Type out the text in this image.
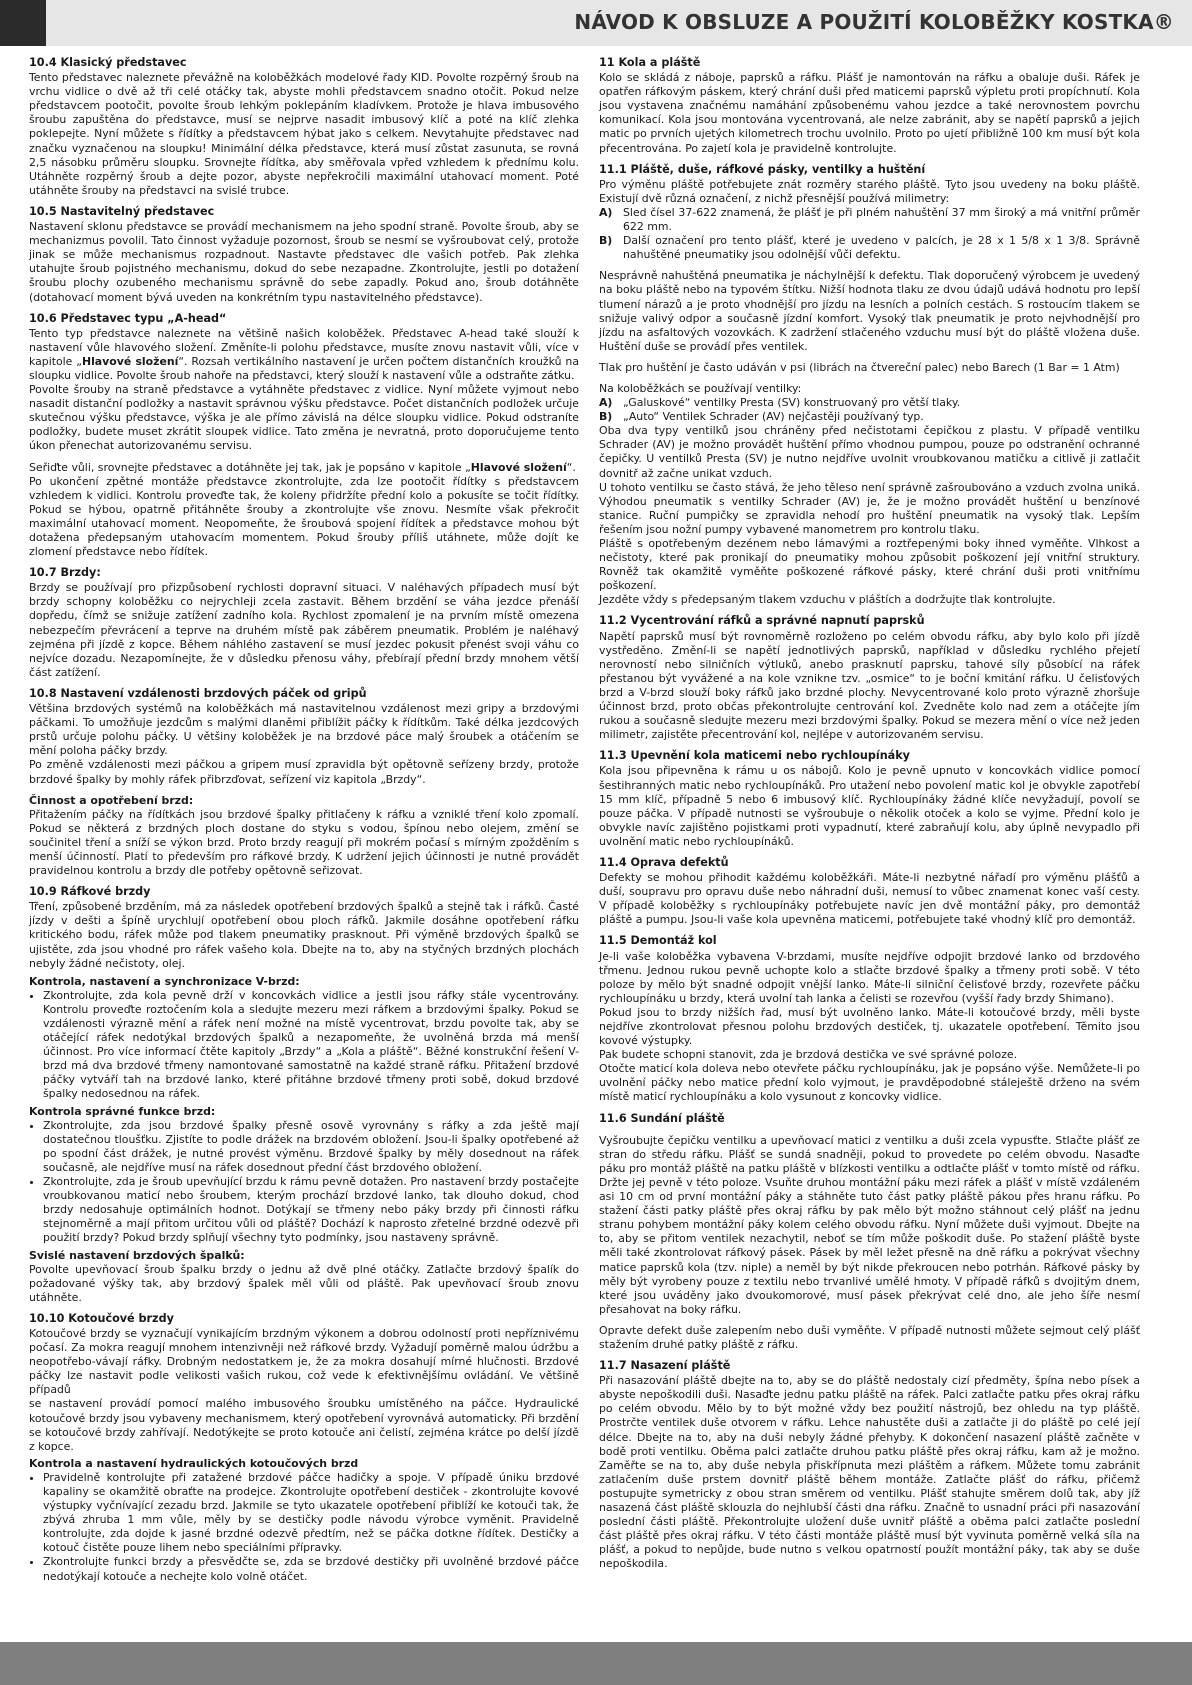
NÁVOD K OBSLUZE A POUŽITÍ KOLOBĚŽKY KOSTKA®
10.4 Klasický představec

Tento představec naleznete převážně na koloběžkách modelové řady KID. Povolte rozpěrný šroub na vrchu vidlice o dvě až tři celé otáčky tak, abyste mohli představcem snadno otočit. Pokud nelze představcem pootočit, povolte šroub lehkým poklepáním kladívkem. Protože je hlava imbusového šroubu zapuštěna do představce, musí se nejprve nasadit imbusový klíč a poté na klíč zlehka poklepejte. Nyní můžete s řídítky a představcem hýbat jako s celkem. Nevytahujte představec nad značku vyznačenou na sloupku! Minimální délka představce, která musí zůstat zasunuta, se rovná 2,5 násobku průměru sloupku. Srovnejte řídítka, aby směřovala vpřed vzhledem k přednímu kolu. Utáhněte rozpěrný šroub a dejte pozor, abyste nepřekročili maximální utahovací moment. Poté utáhněte šrouby na představci na svislé trubce.

10.5 Nastavitelný představec

Nastavení sklonu představce se provádí mechanismem na jeho spodní straně. Povolte šroub, aby se mechanizmus povolil. Tato činnost vyžaduje pozornost, šroub se nesmí se vyšroubovat celý, protože jinak se může mechanismus rozpadnout. Nastavte představec dle vašich potřeb. Pak zlehka utahujte šroub pojistného mechanismu, dokud do sebe nezapadne. Zkontrolujte, jestli po dotažení šroubu plochy ozubeného mechanismu správně do sebe zapadly. Pokud ano, šroub dotáhněte (dotahovací moment bývá uveden na konkrétním typu nastavitelného představce).

10.6 Představec typu „A-head“

Tento typ představce naleznete na většině našich koloběžek. Představec A-head také slouží k nastavení vůle hlavového složení. Změníte-li polohu představce, musíte znovu nastavit vůli, více v kapitole „Hlavové složení“. Rozsah vertikálního nastavení je určen počtem distančních kroužků na sloupku vidlice. Povolte šroub nahoře na představci, který slouží k nastavení vůle a odstraňte zátku.

Povolte šrouby na straně představce a vytáhněte představec z vidlice. Nyní můžete vyjmout nebo nasadit distanční podložky a nastavit správnou výšku představce. Počet distančních podložek určuje skutečnou výšku představce, výška je ale přímo závislá na délce sloupku vidlice. Pokud odstraníte podložky, budete muset zkrátit sloupek vidlice. Tato změna je nevratná, proto doporučujeme tento úkon přenechat autorizovanému servisu.

Seřiďte vůli, srovnejte představec a dotáhněte jej tak, jak je popsáno v kapitole „Hlavové složení“.

Po ukončení zpětné montáže představce zkontrolujte, zda lze pootočit řídítky s představcem vzhledem k vidlici. Kontrolu proveďte tak, že koleny přidržíte přední kolo a pokusíte se točit řídítky. Pokud se hýbou, opatrně přitáhněte šrouby a zkontrolujte vše znovu. Nesmíte však překročit maximální utahovací moment. Neopomeňte, že šroubová spojení řídítek a představce mohou být dotažena předepsaným utahovacím momentem. Pokud šrouby příliš utáhnete, může dojít ke zlomení představce nebo řídítek.

10.7 Brzdy:

Brzdy se používají pro přizpůsobení rychlosti dopravní situaci. V naléhavých případech musí být brzdy schopny koloběžku co nejrychleji zcela zastavit. Během brzdění se váha jezdce přenáší dopředu, čímž se snižuje zatížení zadního kola. Rychlost zpomalení je na prvním místě omezena nebezpečím převrácení a teprve na druhém místě pak záběrem pneumatik. Problém je naléhavý zejména při jízdě z kopce. Během náhlého zastavení se musí jezdec pokusit přenést svoji váhu co nejvíce dozadu. Nezapomínejte, že v důsledku přenosu váhy, přebírají přední brzdy mnohem větší část zatížení.

10.8 Nastavení vzdálenosti brzdových páček od gripů

Většina brzdových systémů na koloběžkách má nastavitelnou vzdálenost mezi gripy a brzdovými páčkami. To umožňuje jezdcům s malými dlaněmi přiblížit páčky k řídítkům. Také délka jezdcových prstů určuje polohu páčky. U většiny koloběžek je na brzdové páce malý šroubek a otáčením se mění poloha páčky brzdy.

Po změně vzdálenosti mezi páčkou a gripem musí zpravidla být opětovně seřízeny brzdy, protože brzdové špalky by mohly ráfek přibrzďovat, seřízení viz kapitola „Brzdy“.

Činnost a opotřebení brzd:

Přitažením páčky na řídítkách jsou brzdové špalky přitlačeny k ráfku a vzniklé tření kolo zpomalí. Pokud se některá z brzdných ploch dostane do styku s vodou, špínou nebo olejem, změní se součinitel tření a sníží se výkon brzd. Proto brzdy reagují při mokrém počasí s mírným zpožděním s menší účinností. Platí to především pro ráfkové brzdy. K udržení jejich účinnosti je nutné provádět pravidelnou kontrolu a brzdy dle potřeby opětovně seřizovat.

10.9 Ráfkové brzdy

Tření, způsobené brzděním, má za následek opotřebení brzdových špalků a stejně tak i ráfků. Časté jízdy v dešti a špíně urychlují opotřebení obou ploch ráfků. Jakmile dosáhne opotřebení ráfku kritického bodu, ráfek může pod tlakem pneumatiky prasknout. Při výměně brzdových špalků se ujistěte, zda jsou vhodné pro ráfek vašeho kola. Dbejte na to, aby na styčných brzdných plochách nebyly žádné nečistoty, olej.

Kontrola, nastavení a synchronizace V-brzd:
• Zkontrolujte, zda kola pevně drží v koncovkách vidlice a jestli jsou ráfky stále vycentrovány. Kontrolu proveďte roztočením kola a sledujte mezeru mezi ráfkem a brzdovými špalky. Pokud se vzdálenosti výrazně mění a ráfek není možné na místě vycentrovat, brzdu povolte tak, aby se otáčející ráfek nedotýkal brzdových špalků a nezapomeňte, že uvolněná brzda má menší účinnost. Pro více informací čtěte kapitoly „Brzdy“ a „Kola a pláště“. Běžné konstrukční řešení V-brzd má dva brzdové třmeny namontované samostatně na každé straně ráfku. Přitažení brzdové páčky vytváří tah na brzdové lanko, které přitáhne brzdové třmeny proti sobě, dokud brzdové špalky nedosednou na ráfek.
Kontrola správné funkce brzd:
• Zkontrolujte, zda jsou brzdové špalky přesně osově vyrovnány s ráfky a zda ještě mají dostatečnou tloušťku. Zjistíte to podle drážek na brzdovém obložení. Jsou-li špalky opotřebené až po spodní část drážek, je nutné provést výměnu. Brzdové špalky by měly dosednout na ráfek současně, ale nejdříve musí na ráfek dosednout přední část brzdového obložení.
• Zkontrolujte, zda je šroub upevňující brzdu k rámu pevně dotažen. Pro nastavení brzdy postačejte vroubkovanou maticí nebo šroubem, kterým prochází brzdové lanko, tak dlouho dokud, chod brzdy nedosahuje optimálních hodnot. Dotýkají se třmeny nebo páky brzdy při činnosti ráfku stejnoměrně a mají přitom určitou vůli od pláště? Dochází k naprosto zřetelné brzdné odezvě při použití brzdy? Pokud brzdy splňují všechny tyto podmínky, jsou nastaveny správně.
Svislé nastavení brzdových špalků:

Povolte upevňovací šroub špalku brzdy o jednu až dvě plné otáčky. Zatlačte brzdový špalík do požadované výšky tak, aby brzdový špalek měl vůli od pláště. Pak upevňovací šroub znovu utáhněte.

10.10 Kotoučové brzdy

Kotoučové brzdy se vyznačují vynikajícím brzdným výkonem a dobrou odolností proti nepříznivému počasí. Za mokra reagují mnohem intenzivněji než ráfkové brzdy. Vyžadují poměrně malou údržbu a neopotřebo-vávají ráfky. Drobným nedostatkem je, že za mokra dosahují mírné hlučnosti. Brzdové páčky lze nastavit podle velikosti vašich rukou, což vede k efektivnějšímu ovládání. Ve většině případů

se nastavení provádí pomocí malého imbusového šroubku umístěného na páčce. Hydraulické kotoučové brzdy jsou vybaveny mechanismem, který opotřebení vyrovnává automaticky. Při brzdění se kotoučové brzdy zahřívají. Nedotýkejte se proto kotouče ani čelistí, zejména krátce po delší jízdě z kopce.

Kontrola a nastavení hydraulických kotoučových brzd
• Pravidelně kontrolujte při zatažené brzdové páčce hadičky a spoje. V případě úniku brzdové kapaliny se okamžitě obraťte na prodejce. Zkontrolujte opotřebení destiček - zkontrolujte kovové výstupky vyčnívající zezadu brzd. Jakmile se tyto ukazatele opotřebení přiblíží ke kotouči tak, že zbývá zhruba 1 mm vůle, měly by se destičky podle návodu výrobce vyměnit. Pravidelně kontrolujte, zda dojde k jasné brzdné odezvě předtím, než se páčka dotkne řídítek. Destičky a kotouč čistěte pouze lihem nebo speciálními přípravky.
• Zkontrolujte funkci brzdy a přesvědčte se, zda se brzdové destičky při uvolněné brzdové páčce nedotýkají kotouče a nechejte kolo volně otáčet.
11 Kola a pláště

Kolo se skládá z náboje, paprsků a ráfku. Plášť je namontován na ráfku a obaluje duši. Ráfek je opatřen ráfkovým páskem, který chrání duši před maticemi paprsků výpletu proti propíchnutí. Kola jsou vystavena značnému namáhání způsobenému vahou jezdce a také nerovnostem povrchu komunikací. Kola jsou montována vycentrovaná, ale nelze zabránit, aby se napětí paprsků a jejich matic po prvních ujetých kilometrech trochu uvolnilo. Proto po ujetí přibližně 100 km musí být kola přecentrována. Po zajetí kola je pravidelně kontrolujte.

11.1 Pláště, duše, ráfkové pásky, ventilky a huštění

Pro výměnu pláště potřebujete znát rozměry starého pláště. Tyto jsou uvedeny na boku pláště. Existují dvě různá označení, z nichž přesnější používá milimetry:

A) Sled čísel 37-622 znamená, že plášť je při plném nahuštění 37 mm široký a má vnitřní průměr 622 mm.
B) Další označení pro tento plášť, které je uvedeno v palcích, je 28 x 1 5/8 x 1 3/8. Správně nahuštěné pneumatiky jsou odolnější vůči defektu.

Nesprávně nahuštěná pneumatika je náchylnější k defektu. Tlak doporučený výrobcem je uvedený na boku pláště nebo na typovém štítku. Nižší hodnota tlaku ze dvou údajů udává hodnotu pro lepší tlumení nárazů a je proto vhodnější pro jízdu na lesních a polních cestách. S rostoucím tlakem se snižuje valivý odpor a současně jízdní komfort. Vysoký tlak pneumatik je proto nejvhodnější pro jízdu na asfaltových vozovkách. K zadržení stlačeného vzduchu musí být do pláště vložena duše. Huštění duše se provádí přes ventilek.

Tlak pro huštění je často udáván v psi (librách na čtvereční palec) nebo Barech (1 Bar = 1 Atm)

Na koloběžkách se používají ventilky:

A) „Galuskové“ ventilky Presta (SV) konstruovaný pro větší tlaky.
B) „Auto“ Ventilek Schrader (AV) nejčastěji používaný typ.

Oba dva typy ventilků jsou chráněny před nečistotami čepičkou z plastu. V případě ventilku Schrader (AV) je možno provádět huštění přímo vhodnou pumpou, pouze po odstranění ochranné čepičky. U ventilků Presta (SV) je nutno nejdříve uvolnit vroubkovanou matičku a citlivě ji zatlačit dovnitř až začne unikat vzduch.

U tohoto ventilku se často stává, že jeho těleso není správně zašroubováno a vzduch zvolna uniká. Výhodou pneumatik s ventilky Schrader (AV) je, že je možno provádět huštění u benzínové stanice. Ruční pumpičky se zpravidla nehodí pro huštění pneumatik na vysoký tlak. Lepším řešením jsou nožní pumpy vybavené manometrem pro kontrolu tlaku.

Pláště s opotřebeným dezénem nebo lámavými a roztřepenými boky ihned vyměňte. Vlhkost a nečistoty, které pak pronikají do pneumatiky mohou způsobit poškození její vnitřní struktury. Rovněž tak okamžitě vyměňte poškozené ráfkové pásky, které chrání duši proti vnitřnímu poškození.

Jezděte vždy s předepsaným tlakem vzduchu v pláštích a dodržujte tlak kontrolujte.

11.2 Vycentrování ráfků a správné napnutí paprsků

Napětí paprsků musí být rovnoměrně rozloženo po celém obvodu ráfku, aby bylo kolo při jízdě vystředěno. Změní-li se napětí jednotlivých paprsků, například v důsledku rychlého přejetí nerovností nebo silničních výtluků, anebo prasknutí paprsku, tahové síly působící na ráfek přestanou být vyvážené a na kole vznikne tzv. „osmice“ to je boční kmitání ráfku. U čelisťových brzd a V-brzd slouží boky ráfků jako brzdné plochy. Nevycentrované kolo proto výrazně zhoršuje účinnost brzd, proto občas překontrolujte centrování kol. Zvedněte kolo nad zem a otáčejte jím rukou a současně sledujte mezeru mezi brzdovými špalky. Pokud se mezera mění o více než jeden milimetr, zajistěte přecentrování kol, nejlépe v autorizovaném servisu.

11.3 Upevnění kola maticemi nebo rychloupínáky

Kola jsou připevněna k rámu u os nábojů. Kolo je pevně upnuto v koncovkách vidlice pomocí šestihranných matic nebo rychloupínáků. Pro utažení nebo povolení matic kol je obvykle zapotřebí 15 mm klíč, případně 5 nebo 6 imbusový klíč. Rychloupínáky žádné klíče nevyžadují, povolí se pouze páčka. V případě nutnosti se vyšroubuje o několik otoček a kolo se vyjme. Přední kolo je obvykle navíc zajištěno pojistkami proti vypadnutí, které zabraňují kolu, aby úplně nevypadlo při uvolnění matic nebo rychloupínáků.

11.4 Oprava defektů

Defekty se mohou přihodit každému koloběžkáři. Máte-li nezbytné nářadí pro výměnu plášťů a duší, soupravu pro opravu duše nebo náhradní duši, nemusí to vůbec znamenat konec vaší cesty. V případě koloběžky s rychloupínáky potřebujete navíc jen dvě montážní páky, pro demontáž pláště a pumpu. Jsou-li vaše kola upevněna maticemi, potřebujete také vhodný klíč pro demontáž.

11.5 Demontáž kol

Je-li vaše koloběžka vybavena V-brzdami, musíte nejdříve odpojit brzdové lanko od brzdového třmenu. Jednou rukou pevně uchopte kolo a stlačte brzdové špalky a třmeny proti sobě. V této poloze by mělo být snadné odpojit vnější lanko. Máte-li silniční čelisťové brzdy, rozevřete páčku rychloupínáku u brzdy, která uvolní tah lanka a čelisti se rozevřou (vyšší řady brzdy Shimano).

Pokud jsou to brzdy nižších řad, musí být uvolněno lanko. Máte-li kotoučové brzdy, měli byste nejdříve zkontrolovat přesnou polohu brzdových destiček, tj. ukazatele opotřebení. Těmito jsou kovové výstupky.

Pak budete schopni stanovit, zda je brzdová destička ve své správné poloze.

Otočte maticí kola doleva nebo otevřete páčku rychloupínáku, jak je popsáno výše. Nemůžete-li po uvolnění páčky nebo matice přední kolo vyjmout, je pravděpodobné stáleještě drženo na svém místě maticí rychloupínáku a kolo vysunout z koncovky vidlice.

11.6 Sundání pláště

Vyšroubujte čepičku ventilku a upevňovací matici z ventilku a duši zcela vypusťte. Stlačte plášť ze stran do středu ráfku. Plášť se sundá snadněji, pokud to provedete po celém obvodu. Nasaďte páku pro montáž pláště na patku pláště v blízkosti ventilku a odtlačte plášť v tomto místě od ráfku. Držte jej pevně v této poloze. Vsuňte druhou montážní páku mezi ráfek a plášť v místě vzdáleném asi 10 cm od první montážní páky a stáhněte tuto část patky pláště pákou přes hranu ráfku. Po stažení části patky pláště přes okraj ráfku by pak mělo být možno stáhnout celý plášť na jednu stranu pohybem montážní páky kolem celého obvodu ráfku. Nyní můžete duši vyjmout. Dbejte na to, aby se přitom ventilek nezachytil, neboť se tím může poškodit duše. Po stažení pláště byste měli také zkontrolovat ráfkový pásek. Pásek by měl ležet přesně na dně ráfku a pokrývat všechny matice paprsků kola (tzv. niple) a neměl by být nikde překroucen nebo potrhán. Ráfkové pásky by měly být vyrobeny pouze z textilu nebo trvanlivé umělé hmoty. V případě ráfků s dvojitým dnem, které jsou uváděny jako dvoukomorové, musí pásek překrývat celé dno, ale jeho šíře nesmí přesahovat na boky ráfku.

Opravte defekt duše zalepením nebo duši vyměňte. V případě nutnosti můžete sejmout celý plášť stažením druhé patky pláště z ráfku.

11.7 Nasazení pláště

Při nasazování pláště dbejte na to, aby se do pláště nedostaly cizí předměty, špína nebo písek a abyste nepoškodili duši. Nasaďte jednu patku pláště na ráfek. Palci zatlačte patku přes okraj ráfku po celém obvodu. Mělo by to být možné vždy bez použití nástrojů, bez ohledu na typ pláště. Prostrčte ventilek duše otvorem v ráfku. Lehce nahustěte duši a zatlačte ji do pláště po celé její délce. Dbejte na to, aby na duši nebyly žádné přehyby. K dokončení nasazení pláště začněte v bodě proti ventilku. Oběma palci zatlačte druhou patku pláště přes okraj ráfku, kam až je možno. Zaměřte se na to, aby duše nebyla přiskřípnuta mezi pláštěm a ráfkem. Můžete tomu zabránit zatlačením duše prstem dovnitř pláště během montáže. Zatlačte plášť do ráfku, přičemž postupujte symetricky z obou stran směrem od ventilku. Plášť stahujte směrem dolů tak, aby jíž nasazená část pláště sklouzla do nejhlubší části dna ráfku. Značně to usnadní práci při nasazování poslední části pláště. Překontrolujte uložení duše uvnitř pláště a oběma palci zatlačte poslední část pláště přes okraj ráfku. V této části montáže pláště musí být vyvinuta poměrně velká síla na plášť, a pokud to nepůjde, bude nutno s velkou opatrností použít montážní páky, tak aby se duše nepoškodila.
